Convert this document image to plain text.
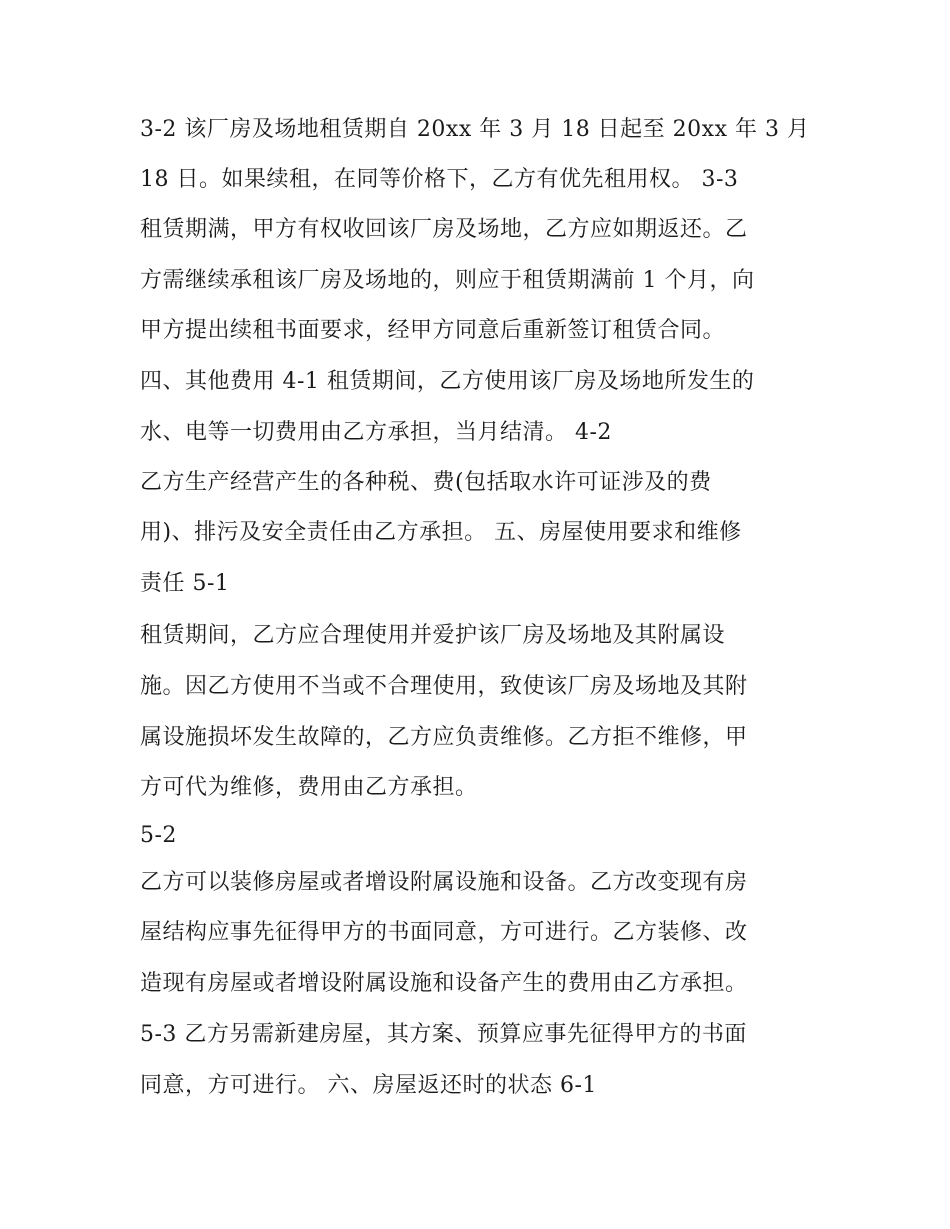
3-2 该厂房及场地租赁期自 20xx 年 3 月 18 日起至 20xx 年 3 月
18 日。如果续租，在同等价格下，乙方有优先租用权。 3-3
租赁期满，甲方有权收回该厂房及场地，乙方应如期返还。乙
方需继续承租该厂房及场地的，则应于租赁期满前 1 个月，向
甲方提出续租书面要求，经甲方同意后重新签订租赁合同。
四、其他费用 4-1 租赁期间，乙方使用该厂房及场地所发生的
水、电等一切费用由乙方承担，当月结清。 4-2
乙方生产经营产生的各种税、费(包括取水许可证涉及的费
用)、排污及安全责任由乙方承担。 五、房屋使用要求和维修
责任 5-1
租赁期间，乙方应合理使用并爱护该厂房及场地及其附属设
施。因乙方使用不当或不合理使用，致使该厂房及场地及其附
属设施损坏发生故障的，乙方应负责维修。乙方拒不维修，甲
方可代为维修，费用由乙方承担。
5-2
乙方可以装修房屋或者增设附属设施和设备。乙方改变现有房
屋结构应事先征得甲方的书面同意，方可进行。乙方装修、改
造现有房屋或者增设附属设施和设备产生的费用由乙方承担。
5-3 乙方另需新建房屋，其方案、预算应事先征得甲方的书面
同意，方可进行。 六、房屋返还时的状态 6-1
